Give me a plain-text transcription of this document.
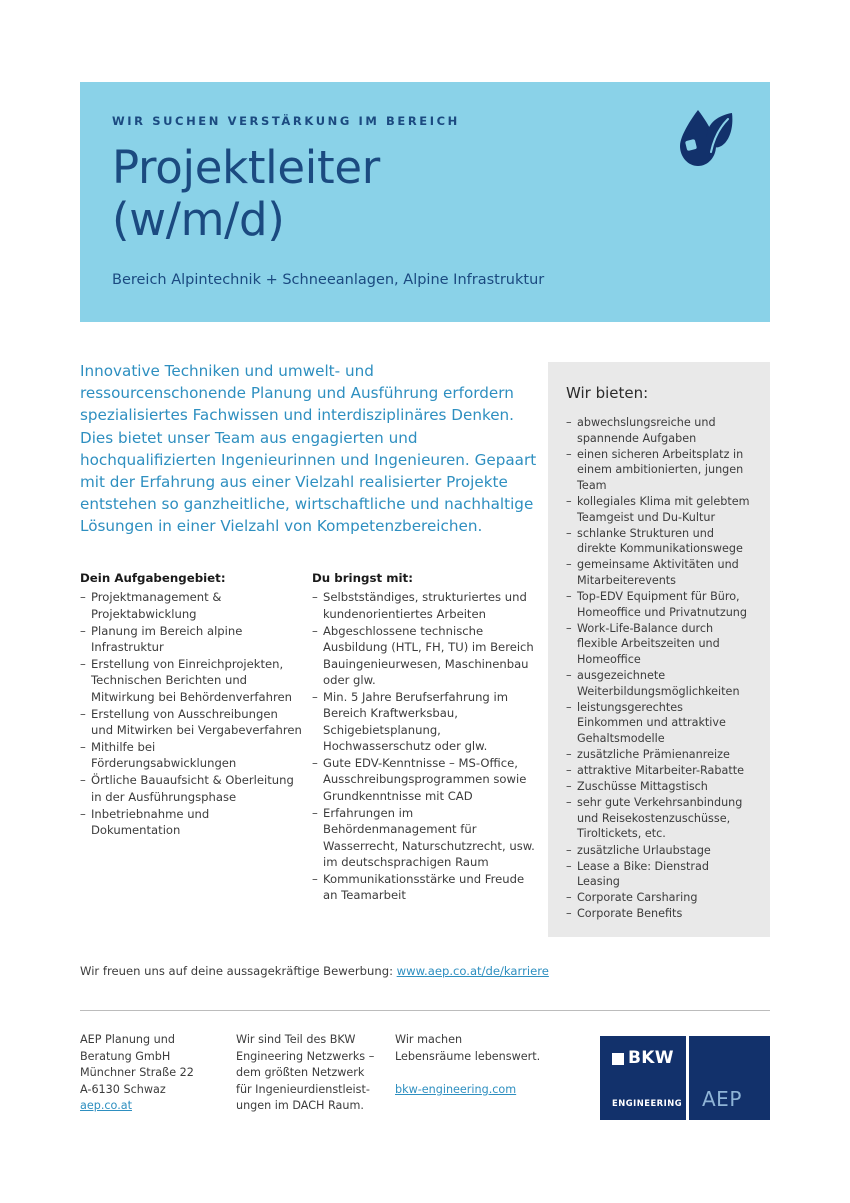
WIR SUCHEN VERSTÄRKUNG IM BEREICH
Projektleiter
(w/m/d)
Bereich Alpintechnik + Schneeanlagen, Alpine Infrastruktur
Innovative Techniken und umwelt- und ressourcenschonende Planung und Ausführung erfordern spezialisiertes Fachwissen und interdisziplinäres Denken. Dies bietet unser Team aus engagierten und hochqualifizierten Ingenieurinnen und Ingenieuren. Gepaart mit der Erfahrung aus einer Vielzahl realisierter Projekte entstehen so ganzheitliche, wirtschaftliche und nachhaltige Lösungen in einer Vielzahl von Kompetenzbereichen.
Dein Aufgabengebiet:
– Projektmanagement & Projektabwicklung
– Planung im Bereich alpine Infrastruktur
– Erstellung von Einreichprojekten, Technischen Berichten und Mitwirkung bei Behördenverfahren
– Erstellung von Ausschreibungen und Mitwirken bei Vergabeverfahren
– Mithilfe bei Förderungsabwicklungen
– Örtliche Bauaufsicht & Oberleitung in der Ausführungsphase
– Inbetriebnahme und Dokumentation
Du bringst mit:
– Selbstständiges, strukturiertes und kundenorientiertes Arbeiten
– Abgeschlossene technische Ausbildung (HTL, FH, TU) im Bereich Bauingenieurwesen, Maschinenbau oder glw.
– Min. 5 Jahre Berufserfahrung im Bereich Kraftwerksbau, Schigebietsplanung, Hochwasserschutz oder glw.
– Gute EDV-Kenntnisse – MS-Office, Ausschreibungsprogrammen sowie Grundkenntnisse mit CAD
– Erfahrungen im Behördenmanagement für Wasserrecht, Naturschutzrecht, usw. im deutschsprachigen Raum
– Kommunikationsstärke und Freude an Teamarbeit
Wir bieten:
– abwechslungsreiche und spannende Aufgaben
– einen sicheren Arbeitsplatz in einem ambitionierten, jungen Team
– kollegiales Klima mit gelebtem Teamgeist und Du-Kultur
– schlanke Strukturen und direkte Kommunikationswege
– gemeinsame Aktivitäten und Mitarbeiterevents
– Top-EDV Equipment für Büro, Homeoffice und Privatnutzung
– Work-Life-Balance durch flexible Arbeitszeiten und Homeoffice
– ausgezeichnete Weiterbildungsmöglichkeiten
– leistungsgerechtes Einkommen und attraktive Gehaltsmodelle
– zusätzliche Prämienanreize
– attraktive Mitarbeiter-Rabatte
– Zuschüsse Mittagstisch
– sehr gute Verkehrsanbindung und Reisekostenzuschüsse, Tiroltickets, etc.
– zusätzliche Urlaubstage
– Lease a Bike: Dienstrad Leasing
– Corporate Carsharing
– Corporate Benefits
Wir freuen uns auf deine aussagekräftige Bewerbung: www.aep.co.at/de/karriere
AEP Planung und
Beratung GmbH
Münchner Straße 22
A-6130 Schwaz
aep.co.at
Wir sind Teil des BKW
Engineering Netzwerks –
dem größten Netzwerk
für Ingenieurdienstleist-
ungen im DACH Raum.
Wir machen
Lebensräume lebenswert.
bkw-engineering.com
BKW
ENGINEERING AEP
